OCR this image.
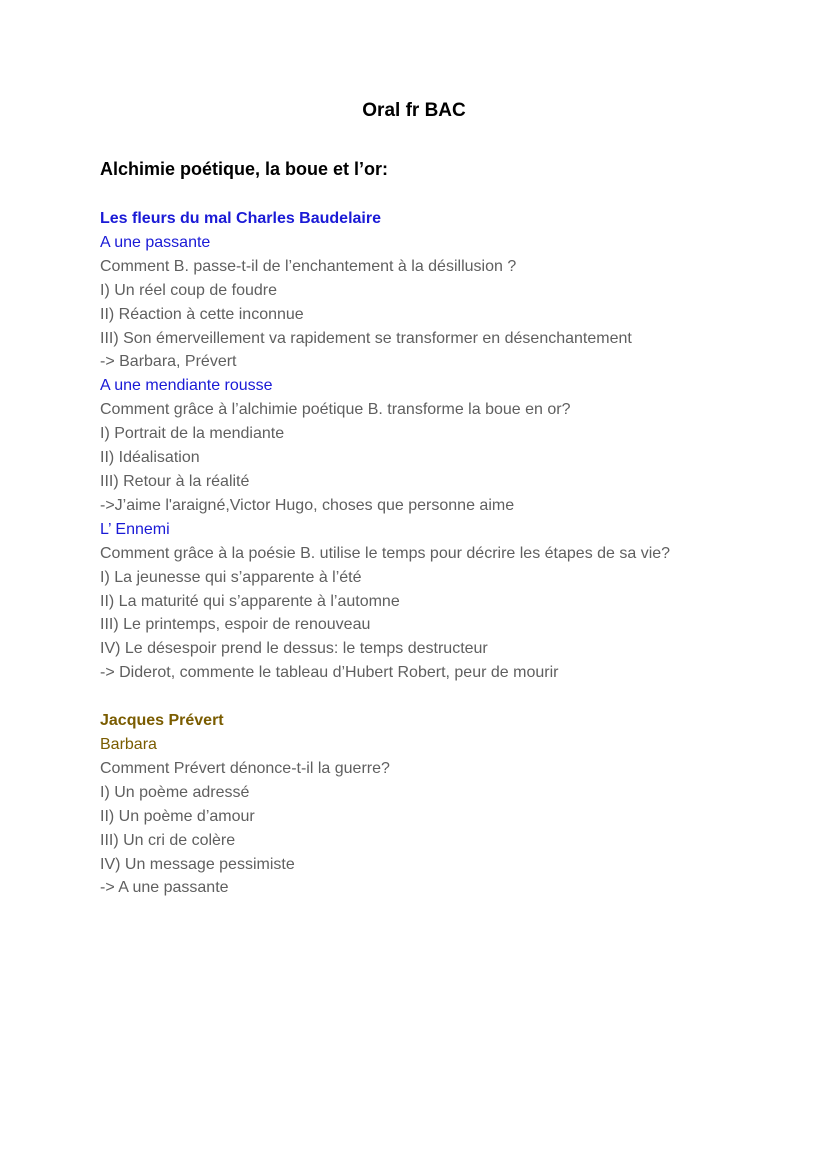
Oral fr BAC
Alchimie poétique, la boue et l’or:
Les fleurs du mal Charles Baudelaire
A une passante
Comment B. passe-t-il de l’enchantement à la désillusion ?
I) Un réel coup de foudre
II) Réaction à cette inconnue
III) Son émerveillement va rapidement se transformer en désenchantement
-> Barbara, Prévert
A une mendiante rousse
Comment grâce à l’alchimie poétique B. transforme la boue en or?
I) Portrait de la mendiante
II) Idéalisation
III) Retour à la réalité
->J’aime l'araigné,Victor Hugo, choses que personne aime
L’ Ennemi
Comment grâce à la poésie B. utilise le temps pour décrire les étapes de sa vie?
I) La jeunesse qui s’apparente à l’été
II) La maturité qui s’apparente à l’automne
III) Le printemps, espoir de renouveau
IV) Le désespoir prend le dessus: le temps destructeur
-> Diderot, commente le tableau d’Hubert Robert, peur de mourir
Jacques Prévert
Barbara
Comment Prévert dénonce-t-il la guerre?
I) Un poème adressé
II) Un poème d’amour
III) Un cri de colère
IV) Un message pessimiste
-> A une passante
